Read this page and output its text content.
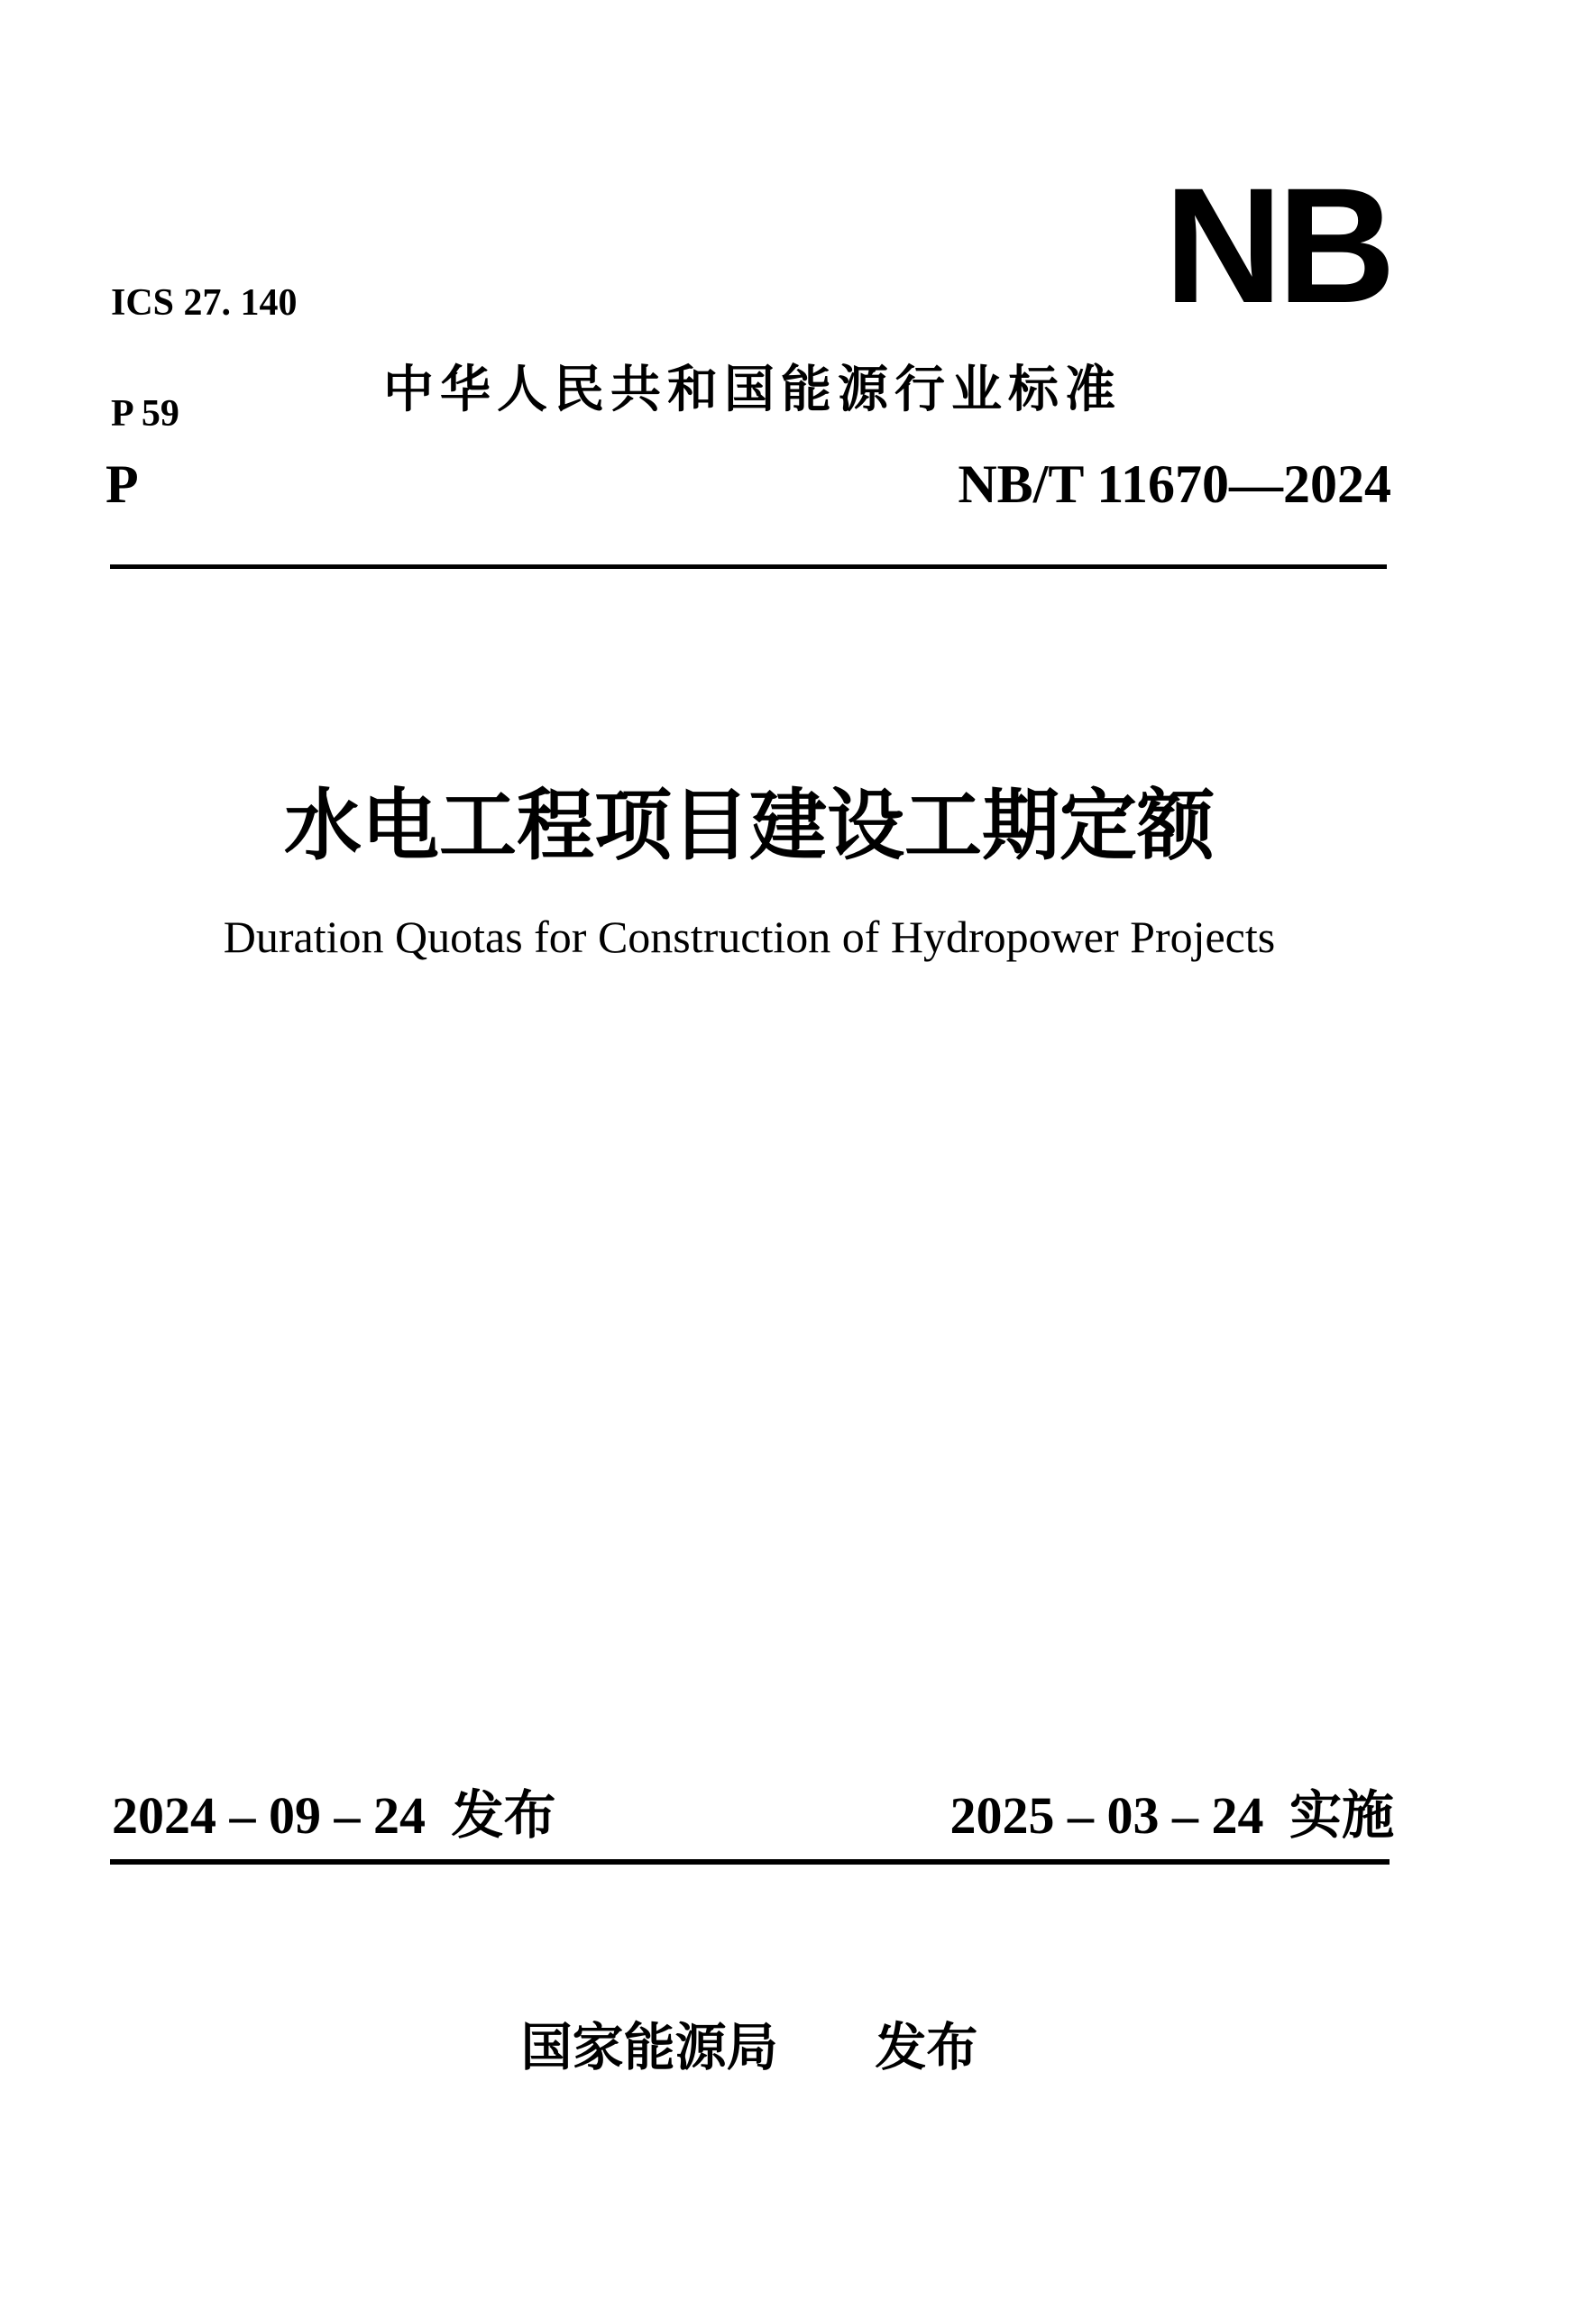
ICS 27. 140

P 59

NB
中华人民共和国能源行业标准
P	NB/T 11670—2024
水电工程项目建设工期定额
Duration Quotas for Construction of Hydropower Projects
2024 – 09 – 24 发布	2025 – 03 – 24 实施
国家能源局 发布
